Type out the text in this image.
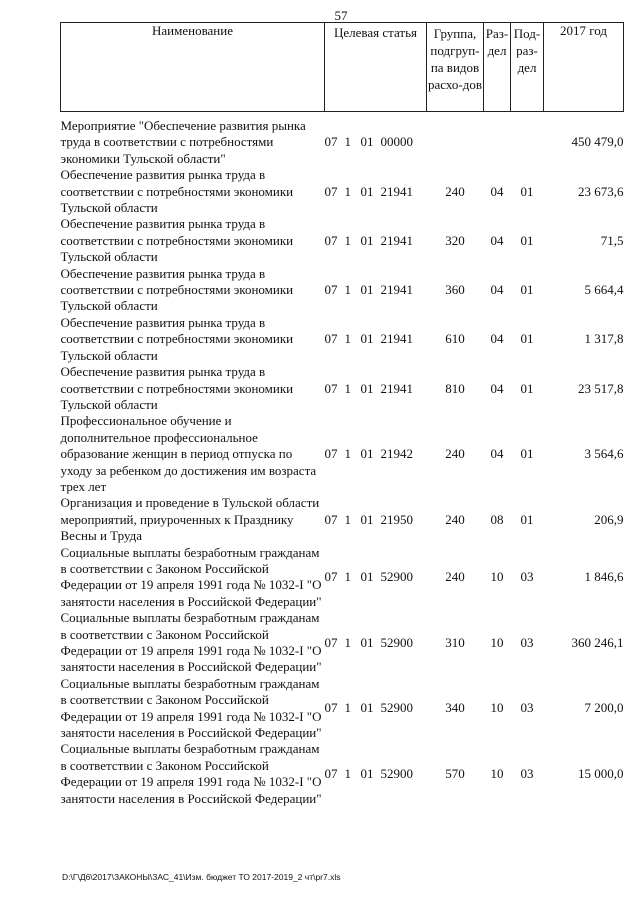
57
Наименование	Целевая статья	Группа, подгруп-па видов расхо-дов	Раз-дел	Под-раз-дел	2017 год
Мероприятие "Обеспечение развития рынка труда в соответствии с потребностями экономики Тульской области"	07 1 01 00000				450 479,0
Обеспечение развития рынка труда в соответствии с потребностями экономики Тульской области	07 1 01 21941	240	04	01	23 673,6
Обеспечение развития рынка труда в соответствии с потребностями экономики Тульской области	07 1 01 21941	320	04	01	71,5
Обеспечение развития рынка труда в соответствии с потребностями экономики Тульской области	07 1 01 21941	360	04	01	5 664,4
Обеспечение развития рынка труда в соответствии с потребностями экономики Тульской области	07 1 01 21941	610	04	01	1 317,8
Обеспечение развития рынка труда в соответствии с потребностями экономики Тульской области	07 1 01 21941	810	04	01	23 517,8
Профессиональное обучение и дополнительное профессиональное образование женщин в период отпуска по уходу за ребенком до достижения им возраста трех лет	07 1 01 21942	240	04	01	3 564,6
Организация и проведение в Тульской области мероприятий, приуроченных к Празднику Весны и Труда	07 1 01 21950	240	08	01	206,9
Социальные выплаты безработным гражданам в соответствии с Законом Российской Федерации от 19 апреля 1991 года № 1032-I "О занятости населения в Российской Федерации"	07 1 01 52900	240	10	03	1 846,6
Социальные выплаты безработным гражданам в соответствии с Законом Российской Федерации от 19 апреля 1991 года № 1032-I "О занятости населения в Российской Федерации"	07 1 01 52900	310	10	03	360 246,1
Социальные выплаты безработным гражданам в соответствии с Законом Российской Федерации от 19 апреля 1991 года № 1032-I "О занятости населения в Российской Федерации"	07 1 01 52900	340	10	03	7 200,0
Социальные выплаты безработным гражданам в соответствии с Законом Российской Федерации от 19 апреля 1991 года № 1032-I "О занятости населения в Российской Федерации"	07 1 01 52900	570	10	03	15 000,0
D:\Г\Д6\2017\ЗАКОНЫ\ЗАС_41\Изм. бюджет ТО 2017-2019_2 чт\pr7.xls
